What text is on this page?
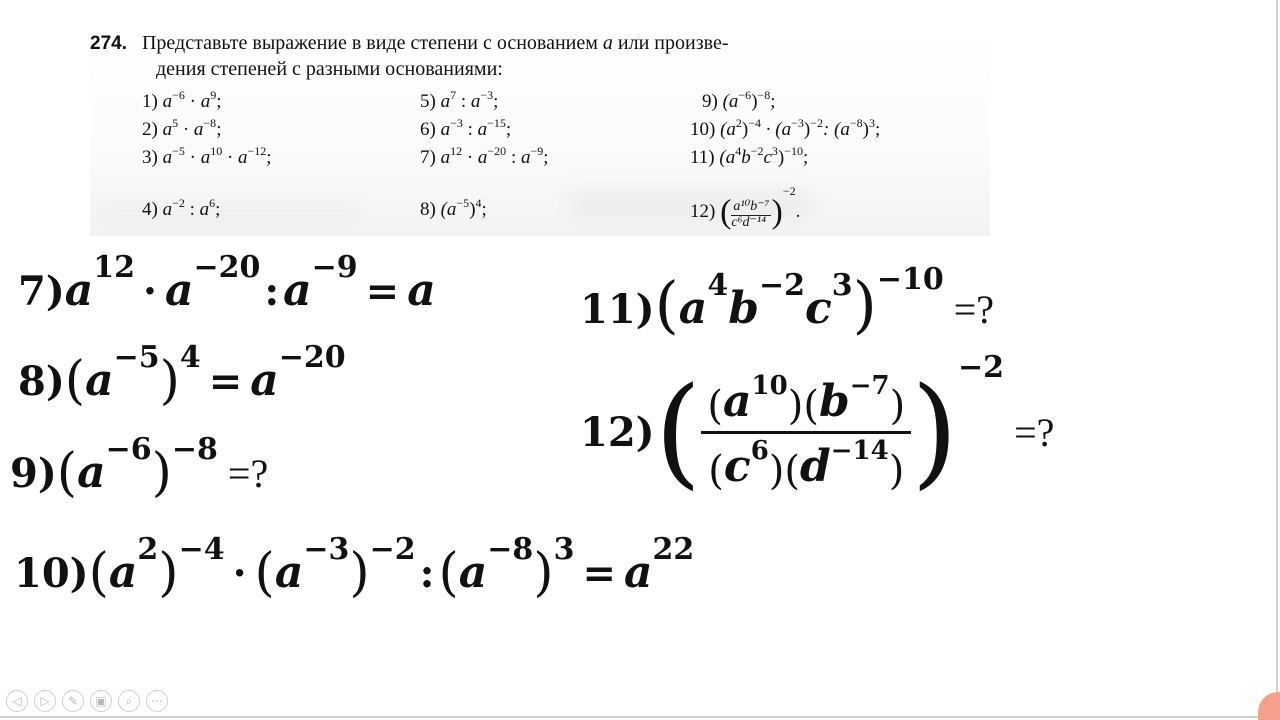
274. Представьте выражение в виде степени с основанием a или произве-
дения степеней с разными основаниями:
1) $a^{-6} \cdot a^9$;
2) $a^5 \cdot a^{-8}$;
3) $a^{-5} \cdot a^{10} \cdot a^{-12}$;
4) $a^{-2}$ : $a^6$;
5) $a^7$ : $a^{-3}$;
6) $a^{-3}$ : $a^{-15}$;
7) $a^{12} \cdot a^{-20}$ : $a^{-9}$;
8) $(a^{-5})^4$;
9) $(a^{-6})^{-8}$;
10) $(a^2)^{-4} \cdot (a^{-3})^{-2}$: $(a^{-8})^3$;
11) $(a^4b^{-2}c^3)^{-10}$;
12) ( $\frac{\text{a¹⁰b⁻⁷}}{\text{c⁶d⁻¹⁴}} )^{-2}$.
$7)a^{12}\cdot$ $a^{-20}:a^{-9}= a$
$8)(a^{-5})^4= a^{-20}$
$9)(a^{-6})^{-8}=$?
$10)(a^2)^{-4}\cdot$ $(a^{-3})^{-2}:(a^{-8})^3= a^{22}$
$11)(a^4b^{-2}c^3)^{-10}=$?
$12)( \frac{(a^{10})(b^{-7})}{(c^6)(d^{-14})} )^{-2}=$?
◁	▷	✎	▣	⌕	⋯
